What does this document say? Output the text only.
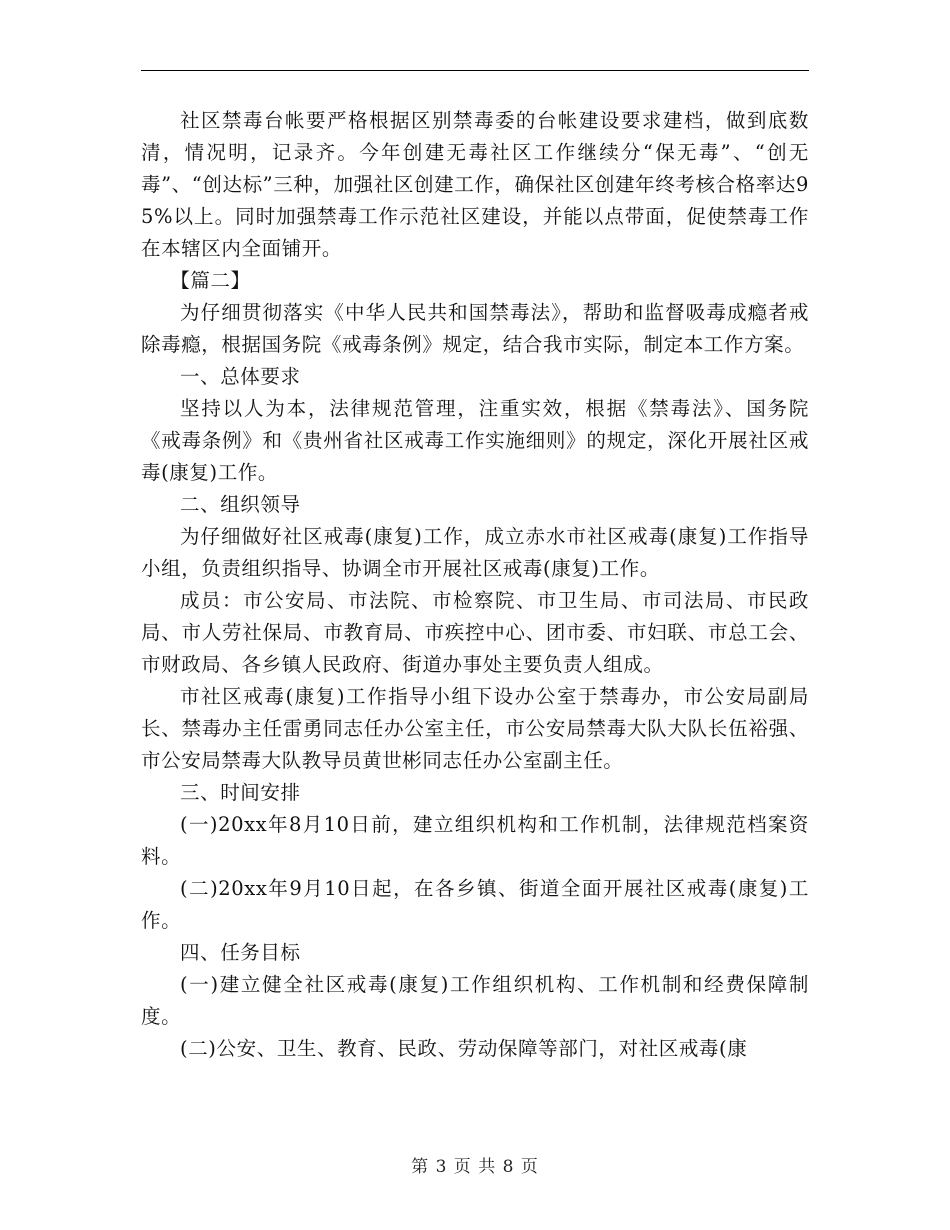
社区禁毒台帐要严格根据区别禁毒委的台帐建设要求建档，做到底数清，情况明，记录齐。今年创建无毒社区工作继续分“保无毒”、“创无毒”、“创达标”三种，加强社区创建工作，确保社区创建年终考核合格率达95%以上。同时加强禁毒工作示范社区建设，并能以点带面，促使禁毒工作在本辖区内全面铺开。

【篇二】

为仔细贯彻落实《中华人民共和国禁毒法》，帮助和监督吸毒成瘾者戒除毒瘾，根据国务院《戒毒条例》规定，结合我市实际，制定本工作方案。

一、总体要求

坚持以人为本，法律规范管理，注重实效，根据《禁毒法》、国务院《戒毒条例》和《贵州省社区戒毒工作实施细则》的规定，深化开展社区戒毒(康复)工作。

二、组织领导

为仔细做好社区戒毒(康复)工作，成立赤水市社区戒毒(康复)工作指导小组，负责组织指导、协调全市开展社区戒毒(康复)工作。

成员：市公安局、市法院、市检察院、市卫生局、市司法局、市民政局、市人劳社保局、市教育局、市疾控中心、团市委、市妇联、市总工会、市财政局、各乡镇人民政府、街道办事处主要负责人组成。

市社区戒毒(康复)工作指导小组下设办公室于禁毒办，市公安局副局长、禁毒办主任雷勇同志任办公室主任，市公安局禁毒大队大队长伍裕强、市公安局禁毒大队教导员黄世彬同志任办公室副主任。

三、时间安排

(一)20xx年8月10日前，建立组织机构和工作机制，法律规范档案资料。

(二)20xx年9月10日起，在各乡镇、街道全面开展社区戒毒(康复)工作。

四、任务目标

(一)建立健全社区戒毒(康复)工作组织机构、工作机制和经费保障制度。

(二)公安、卫生、教育、民政、劳动保障等部门，对社区戒毒(康

第 3 页 共 8 页
